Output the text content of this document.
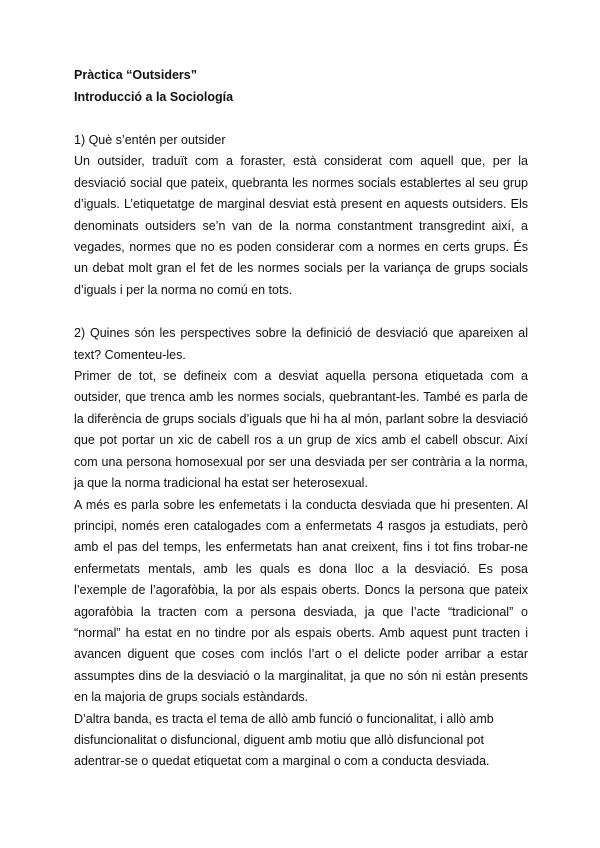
Pràctica “Outsiders”

Introducció a la Sociología

1) Què s’entén per outsider

Un outsider, traduït com a foraster, està considerat com aquell que, per la desviació social que pateix, quebranta les normes socials establertes al seu grup d’iguals. L’etiquetatge de marginal desviat està present en aquests outsiders. Els denominats outsiders se’n van de la norma constantment transgredint així, a vegades, normes que no es poden considerar com a normes en certs grups. És un debat molt gran el fet de les normes socials per la variança de grups socials d’iguals i per la norma no comú en tots.

2) Quines són les perspectives sobre la definició de desviació que apareixen al text? Comenteu-les.

Primer de tot, se defineix com a desviat aquella persona etiquetada com a outsider, que trenca amb les normes socials, quebrantant-les. També es parla de la diferència de grups socials d’iguals que hi ha al món, parlant sobre la desviació que pot portar un xic de cabell ros a un grup de xics amb el cabell obscur. Així com una persona homosexual por ser una desviada per ser contrària a la norma, ja que la norma tradicional ha estat ser heterosexual.

A més es parla sobre les enfemetats i la conducta desviada que hi presenten. Al principi, només eren catalogades com a enfermetats 4 rasgos ja estudiats, però amb el pas del temps, les enfermetats han anat creixent, fins i tot fins trobar-ne enfermetats mentals, amb les quals es dona lloc a la desviació. Es posa l’exemple de l’agorafòbia, la por als espais oberts. Doncs la persona que pateix agorafòbia la tracten com a persona desviada, ja que l’acte “tradicional” o “normal” ha estat en no tindre por als espais oberts. Amb aquest punt tracten i avancen diguent que coses com inclós l’art o el delicte poder arribar a estar assumptes dins de la desviació o la marginalitat, ja que no són ni estàn presents en la majoria de grups socials estàndards.

D’altra banda, es tracta el tema de allò amb funció o funcionalitat, i allò amb disfuncionalitat o disfuncional, diguent amb motiu que allò disfuncional pot adentrar-se o quedat etiquetat com a marginal o com a conducta desviada.
